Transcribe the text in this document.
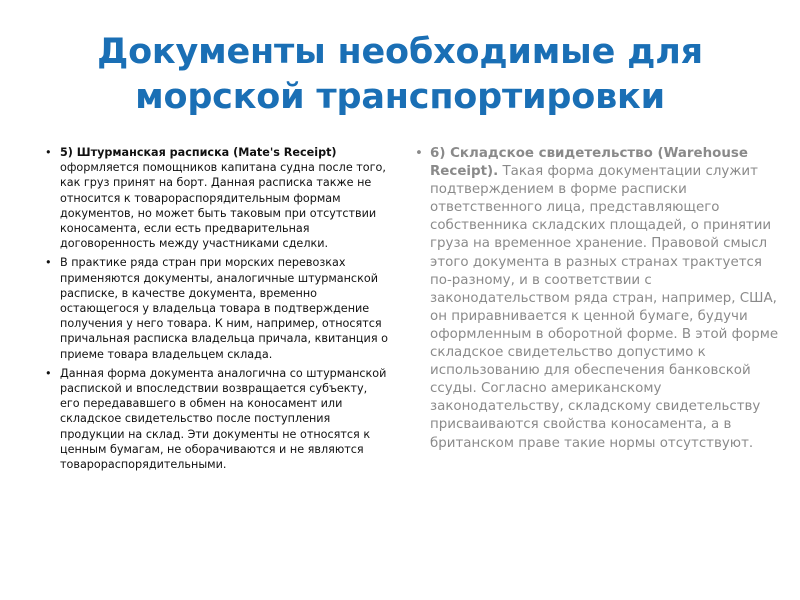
Документы необходимые для
морской транспортировки
• 5) Штурманская расписка (Mate's Receipt) оформляется помощников капитана судна после того, как груз принят на борт. Данная расписка также не относится к товарораспорядительным формам документов, но может быть таковым при отсутствии коносамента, если есть предварительная договоренность между участниками сделки.
• В практике ряда стран при морских перевозках применяются документы, аналогичные штурманской расписке, в качестве документа, временно остающегося у владельца товара в подтверждение получения у него товара. К ним, например, относятся причальная расписка владельца причала, квитанция о приеме товара владельцем склада.
• Данная форма документа аналогична со штурманской распиской и впоследствии возвращается субъекту, его передававшего в обмен на коносамент или складское свидетельство после поступления продукции на склад. Эти документы не относятся к ценным бумагам, не оборачиваются и не являются товарораспорядительными.
• 6) Складское свидетельство (Warehouse Receipt). Такая форма документации служит подтверждением в форме расписки ответственного лица, представляющего собственника складских площадей, о принятии груза на временное хранение. Правовой смысл этого документа в разных странах трактуется по-разному, и в соответствии с законодательством ряда стран, например, США, он приравнивается к ценной бумаге, будучи оформленным в оборотной форме. В этой форме складское свидетельство допустимо к использованию для обеспечения банковской ссуды. Согласно американскому законодательству, складскому свидетельству присваиваются свойства коносамента, а в британском праве такие нормы отсутствуют.
